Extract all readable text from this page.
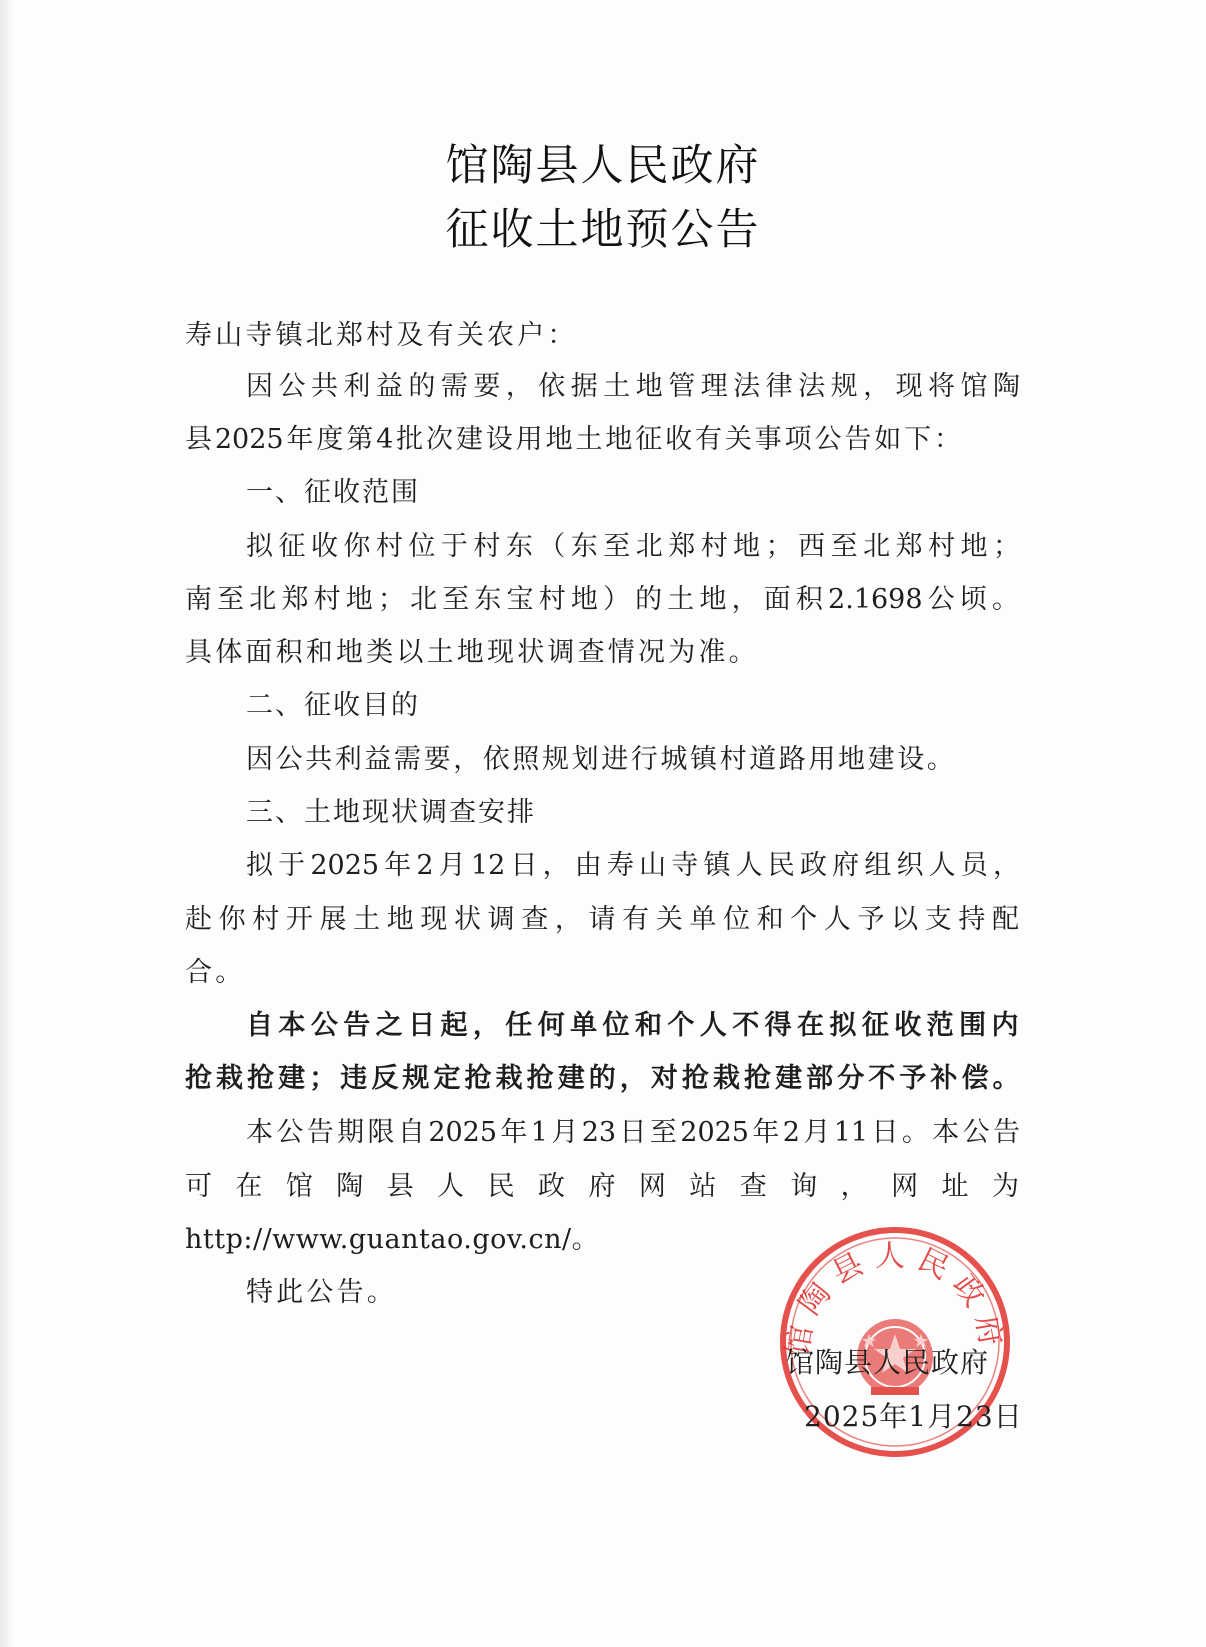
馆陶县人民政府
征收土地预公告
寿山寺镇北郑村及有关农户：
因公共利益的需要，依据土地管理法律法规，现将馆陶
县2025年度第4批次建设用地土地征收有关事项公告如下：
一、征收范围
拟征收你村位于村东（东至北郑村地；西至北郑村地；
南至北郑村地；北至东宝村地）的土地，面积2.1698公顷。
具体面积和地类以土地现状调查情况为准。
二、征收目的
因公共利益需要，依照规划进行城镇村道路用地建设。
三、土地现状调查安排
拟于2025年2月12日，由寿山寺镇人民政府组织人员，
赴你村开展土地现状调查，请有关单位和个人予以支持配
合。
自本公告之日起，任何单位和个人不得在拟征收范围内
抢栽抢建；违反规定抢栽抢建的，对抢栽抢建部分不予补偿。
本公告期限自2025年1月23日至2025年2月11日。本公告
可在馆陶县人民政府网站查询，网址为
http://www.guantao.gov.cn/。
特此公告。
馆陶县人民政府
馆陶县人民政府
2025年1月23日
